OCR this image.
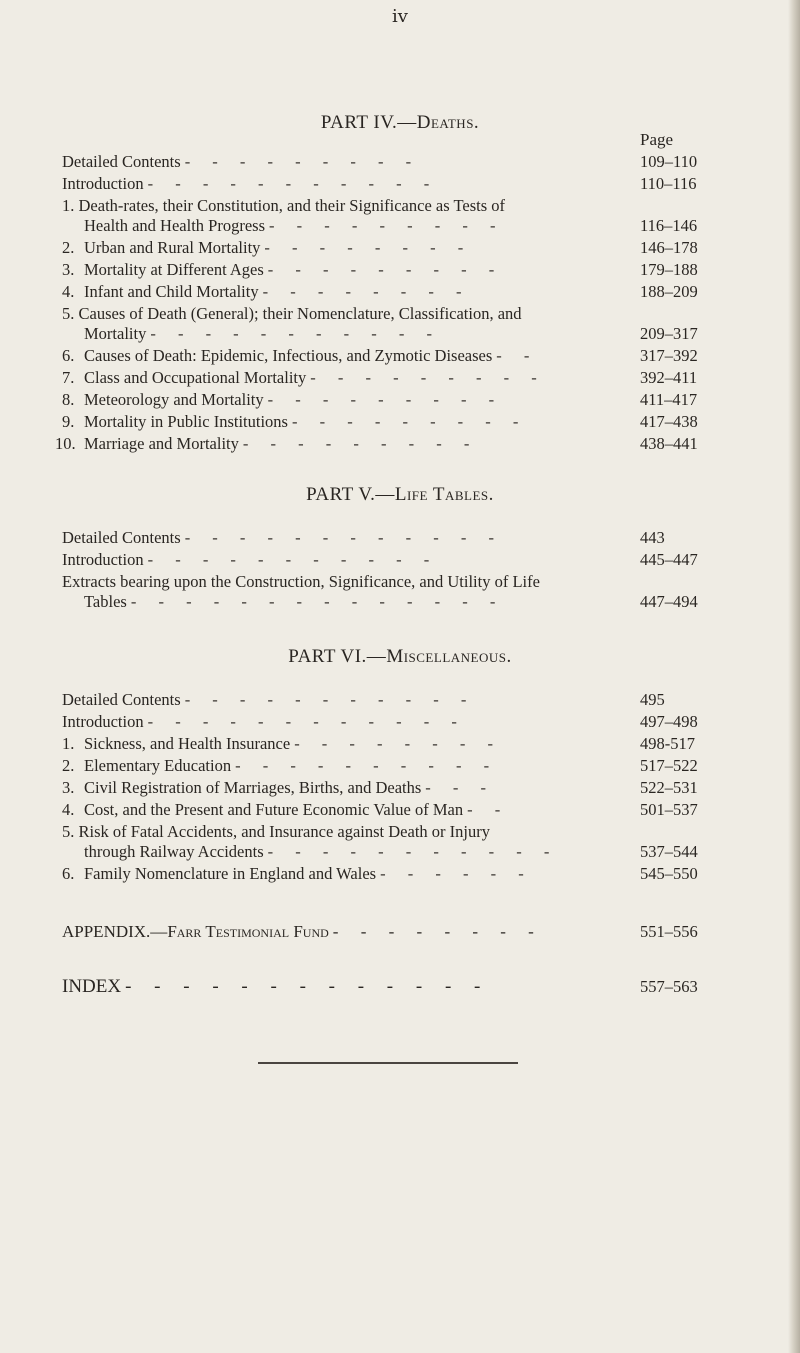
iv
PART IV.—Deaths.
Page
Detailed Contents - - - - - - - - -	109–110
Introduction - - - - - - - - - - -	110–116
1. Death-rates, their Constitution, and their Significance as Tests of
Health and Health Progress - - - - - - - - -	116–146
2. Urban and Rural Mortality - - - - - - - -	146–178
3. Mortality at Different Ages - - - - - - - - -	179–188
4. Infant and Child Mortality - - - - - - - -	188–209
5. Causes of Death (General); their Nomenclature, Classification, and
Mortality - - - - - - - - - - -	209–317
6. Causes of Death: Epidemic, Infectious, and Zymotic Diseases - -	317–392
7. Class and Occupational Mortality - - - - - - - - -	392–411
8. Meteorology and Mortality - - - - - - - - -	411–417
9. Mortality in Public Institutions - - - - - - - - -	417–438
10. Marriage and Mortality - - - - - - - - -	438–441
PART V.—Life Tables.
Detailed Contents - - - - - - - - - - - -	443
Introduction - - - - - - - - - - -	445–447
Extracts bearing upon the Construction, Significance, and Utility of Life
Tables - - - - - - - - - - - - - -	447–494
PART VI.—Miscellaneous.
Detailed Contents - - - - - - - - - - -	495
Introduction - - - - - - - - - - - -	497–498
1. Sickness, and Health Insurance - - - - - - - -	498-517
2. Elementary Education - - - - - - - - - -	517–522
3. Civil Registration of Marriages, Births, and Deaths - - -	522–531
4. Cost, and the Present and Future Economic Value of Man - -	501–537
5. Risk of Fatal Accidents, and Insurance against Death or Injury
through Railway Accidents - - - - - - - - - - -	537–544
6. Family Nomenclature in England and Wales - - - - - -	545–550
APPENDIX.— Farr Testimonial Fund - - - - - - - -	551–556
INDEX - - - - - - - - - - - - -	557–563
